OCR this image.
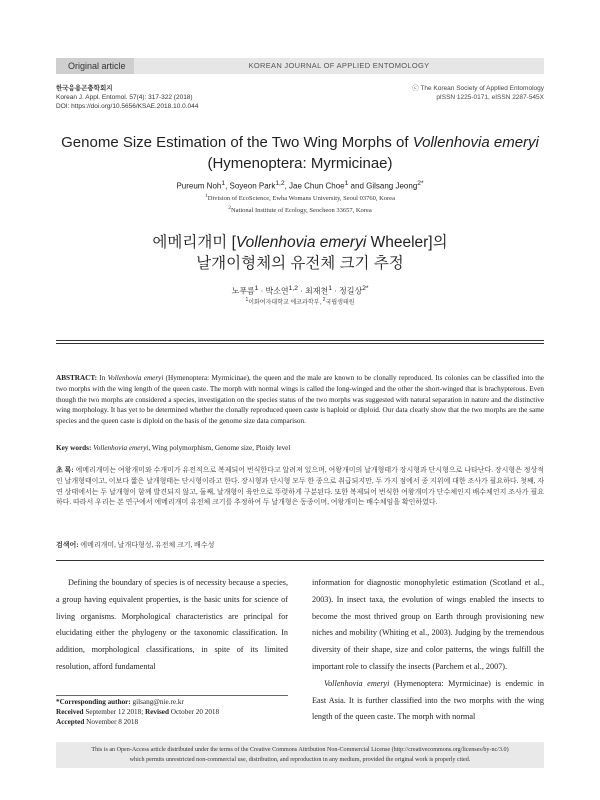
Original article	KOREAN JOURNAL OF APPLIED ENTOMOLOGY
한국응용곤충학회지
Korean J. Appl. Entomol. 57(4): 317-322 (2018)
DOI: https://doi.org/10.5656/KSAE.2018.10.0.044
ⓒ The Korean Society of Applied Entomology
pISSN 1225-0171, eISSN 2287-545X
Genome Size Estimation of the Two Wing Morphs of Vollenhovia emeryi
(Hymenoptera: Myrmicinae)
Pureum Noh$^1$, Soyeon Park$^{1,2}$, Jae Chun Choe$^1$ and Gilsang Jeong$^{2*}$
$^1$Division of EcoScience, Ewha Womans University, Seoul 03760, Korea
$^2$National Institute of Ecology, Seocheon 33657, Korea
에메리개미 [Vollenhovia emeryi Wheeler]의
날개이형체의 유전체 크기 추정
노푸름$^1$ · 박소연$^{1,2}$ · 최재천$^1$ · 정길상$^{2*}$
$^1$이화여자대학교 에코과학부, $^2$국립생태원
ABSTRACT: In Vollenhovia emeryi (Hymenoptera: Myrmicinae), the queen and the male are known to be clonally reproduced. Its colonies can be classified into the two morphs with the wing length of the queen caste. The morph with normal wings is called the long-winged and the other the short-winged that is brachypterous. Even though the two morphs are considered a species, investigation on the species status of the two morphs was suggested with natural separation in nature and the distinctive wing morphology. It has yet to be determined whether the clonally reproduced queen caste is haploid or diploid. Our data clearly show that the two morphs are the same species and the queen caste is diploid on the basis of the genome size data comparison.
Key words: Vollenhovia emeryi, Wing polymorphism, Genome size, Ploidy level
초 록: 에메리개미는 여왕개미와 수개미가 유전적으로 복제되어 번식한다고 알려져 있으며, 여왕개미의 날개형태가 장시형과 단시형으로 나타난다. 장시형은 정상적인 날개형태이고, 이보다 짧은 날개형태는 단시형이라고 한다. 장시형과 단시형 모두 한 종으로 취급되지만, 두 가지 점에서 종 지위에 대한 조사가 필요하다. 첫째, 자연 상태에서는 두 날개형이 함께 발견되지 않고, 둘째, 날개형이 육안으로 뚜렷하게 구분된다. 또한 복제되어 번식한 여왕개미가 단수체인지 배수체인지 조사가 필요하다. 따라서 우리는 본 연구에서 에메리개미 유전체 크기를 추정하여 두 날개형은 동종이며, 여왕개미는 배수체임을 확인하였다.
검색어: 에메리개미, 날개다형성, 유전체 크기, 배수성

Defining the boundary of species is of necessity because a species, a group having equivalent properties, is the basic units for science of living organisms. Morphological characteristics are principal for elucidating either the phylogeny or the taxonomic classification. In addition, morphological classifications, in spite of its limited resolution, afford fundamental

information for diagnostic monophyletic estimation (Scotland et al., 2003). In insect taxa, the evolution of wings enabled the insects to become the most thrived group on Earth through provisioning new niches and mobility (Whiting et al., 2003). Judging by the tremendous diversity of their shape, size and color patterns, the wings fulfill the important role to classify the insects (Parchem et al., 2007).

Vollenhovia emeryi (Hymenoptera: Myrmicinae) is endemic in East Asia. It is further classified into the two morphs with the wing length of the queen caste. The morph with normal

*Corresponding author: gilsang@nie.re.kr
Received September 12 2018; Revised October 20 2018
Accepted November 8 2018
This is an Open-Access article distributed under the terms of the Creative Commons Attribution Non-Commercial License (http://creativecommons.org/licenses/by-nc/3.0)
which permits unrestricted non-commercial use, distribution, and reproduction in any medium, provided the original work is properly cited.
